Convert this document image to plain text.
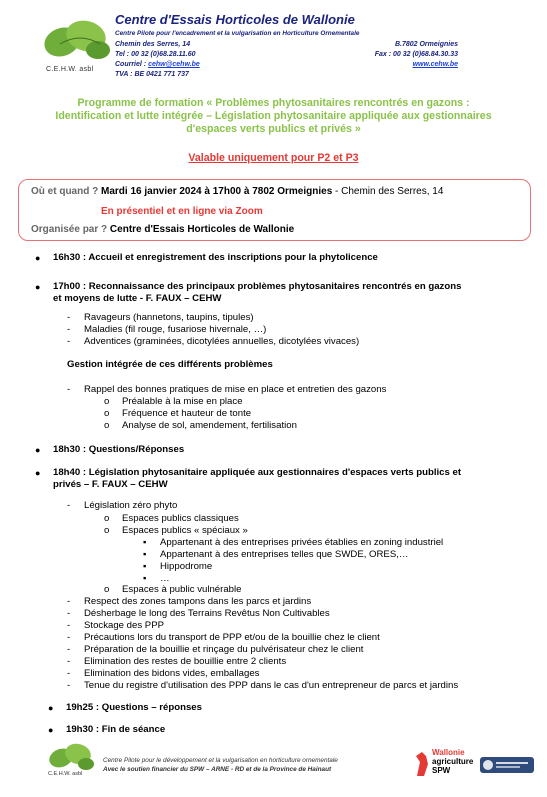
C.E.H.W. asbl
Centre d'Essais Horticoles de Wallonie
Centre Pilote pour l'encadrement et la vulgarisation en Horticulture Ornementale
Chemin des Serres, 14	B.7802 Ormeignies
Tel : 00 32 (0)68.28.11.60	Fax : 00 32 (0)68.84.30.33
Courriel : cehw@cehw.be	www.cehw.be
TVA : BE 0421 771 737
Programme de formation « Problèmes phytosanitaires rencontrés en gazons :
Identification et lutte intégrée – Législation phytosanitaire appliquée aux gestionnaires
d'espaces verts publics et privés »
Valable uniquement pour P2 et P3
Où et quand ? Mardi 16 janvier 2024 à 17h00 à 7802 Ormeignies - Chemin des Serres, 14
En présentiel et en ligne via Zoom
Organisée par ? Centre d'Essais Horticoles de Wallonie
● 16h30 : Accueil et enregistrement des inscriptions pour la phytolicence
● 17h00 : Reconnaissance des principaux problèmes phytosanitaires rencontrés en gazons
et moyens de lutte - F. FAUX – CEHW
- Ravageurs (hannetons, taupins, tipules)
- Maladies (fil rouge, fusariose hivernale, …)
- Adventices (graminées, dicotylées annuelles, dicotylées vivaces)
Gestion intégrée de ces différents problèmes
- Rappel des bonnes pratiques de mise en place et entretien des gazons
o Préalable à la mise en place
o Fréquence et hauteur de tonte
o Analyse de sol, amendement, fertilisation
● 18h30 : Questions/Réponses
● 18h40 : Législation phytosanitaire appliquée aux gestionnaires d'espaces verts publics et
privés – F. FAUX – CEHW
- Législation zéro phyto
o Espaces publics classiques
o Espaces publics « spéciaux »
▪ Appartenant à des entreprises privées établies en zoning industriel
▪ Appartenant à des entreprises telles que SWDE, ORES,…
▪ Hippodrome
▪ …
o Espaces à public vulnérable
- Respect des zones tampons dans les parcs et jardins
- Désherbage le long des Terrains Revêtus Non Cultivables
- Stockage des PPP
- Précautions lors du transport de PPP et/ou de la bouillie chez le client
- Préparation de la bouillie et rinçage du pulvérisateur chez le client
- Elimination des restes de bouillie entre 2 clients
- Elimination des bidons vides, emballages
- Tenue du registre d'utilisation des PPP dans le cas d'un entrepreneur de parcs et jardins
● 19h25 : Questions – réponses
● 19h30 : Fin de séance
C.E.H.W. asbl
Centre Pilote pour le développement et la vulgarisation en horticulture ornementale
Avec le soutien financier du SPW – ARNE - RD et de la Province de Hainaut
Wallonie
agriculture
SPW
